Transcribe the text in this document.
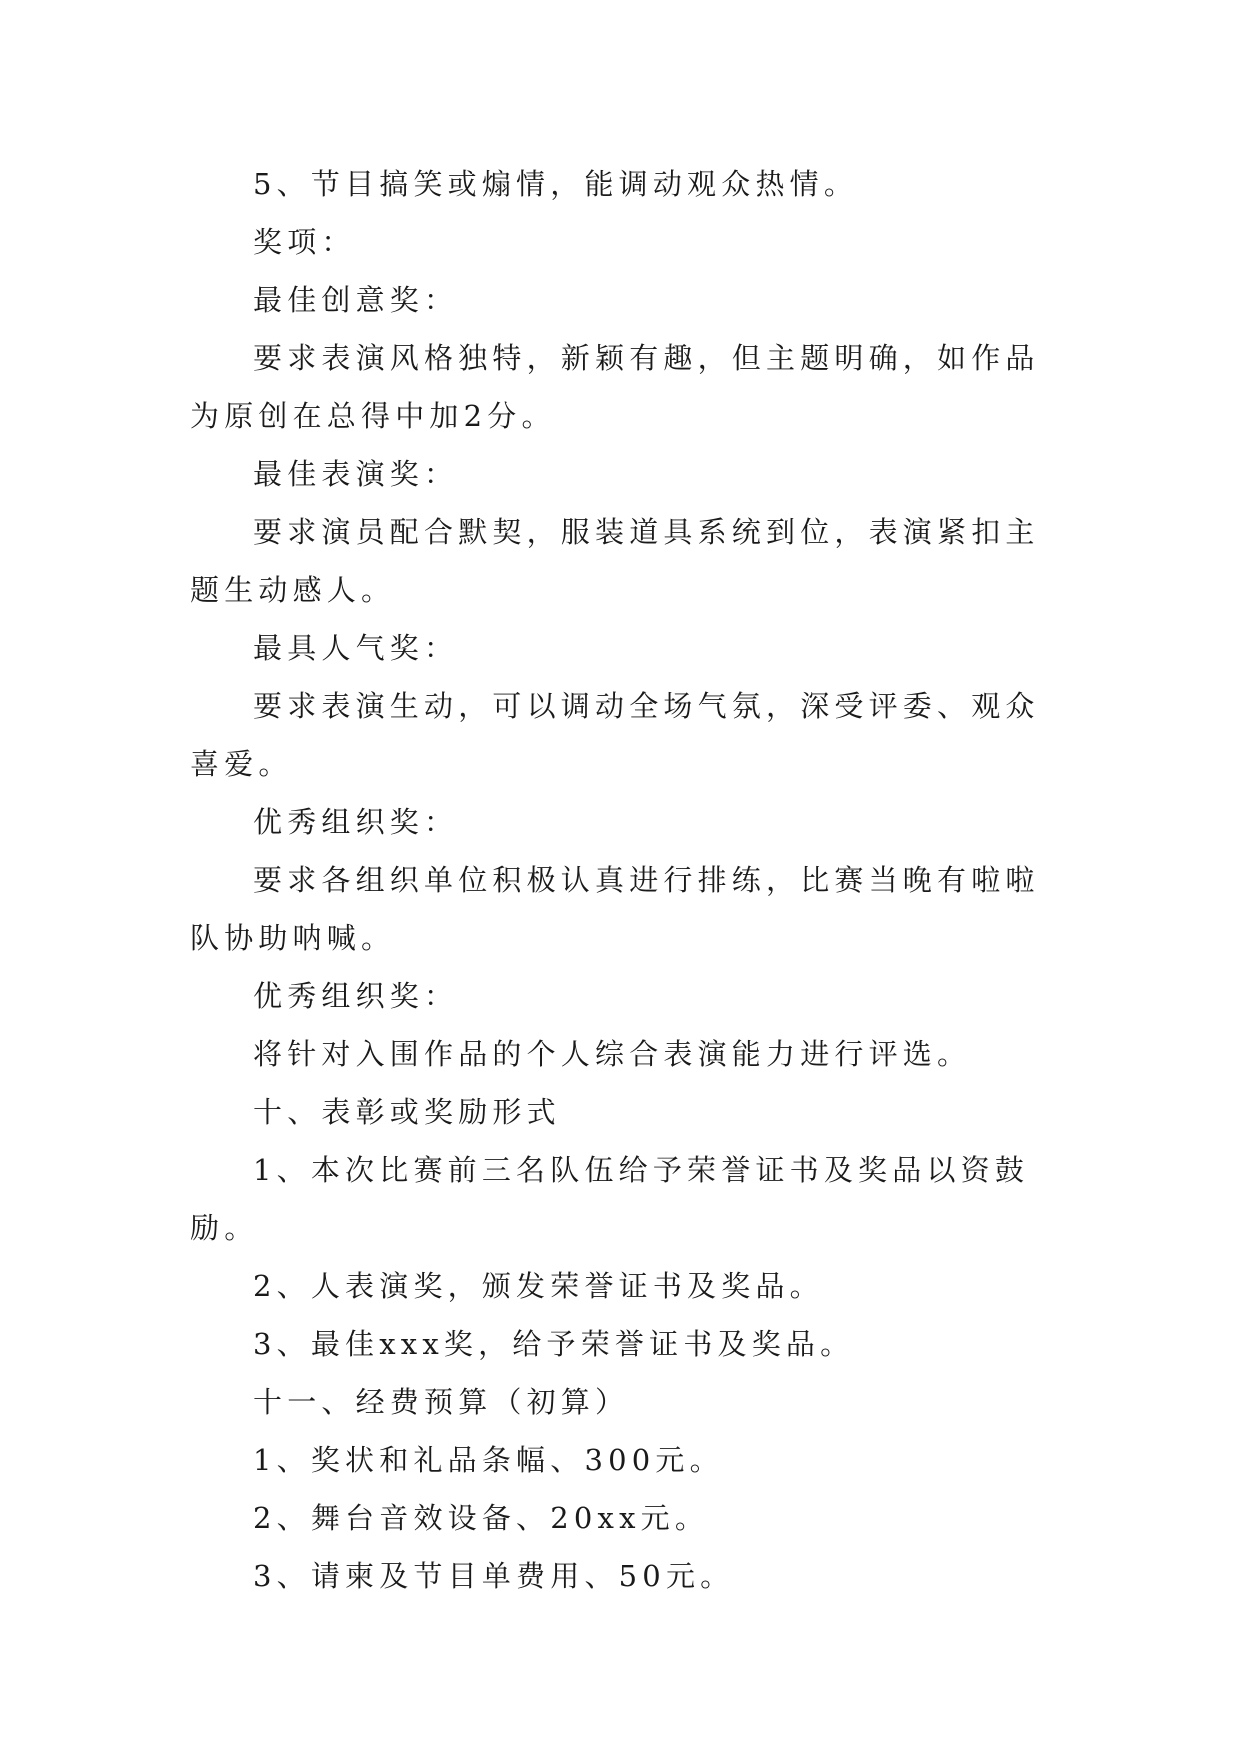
5、节目搞笑或煽情，能调动观众热情。

奖项：

最佳创意奖：

要求表演风格独特，新颖有趣，但主题明确，如作品为原创在总得中加2分。

最佳表演奖：

要求演员配合默契，服装道具系统到位，表演紧扣主题生动感人。

最具人气奖：

要求表演生动，可以调动全场气氛，深受评委、观众喜爱。

优秀组织奖：

要求各组织单位积极认真进行排练，比赛当晚有啦啦队协助呐喊。

优秀组织奖：

将针对入围作品的个人综合表演能力进行评选。

十、表彰或奖励形式

1、本次比赛前三名队伍给予荣誉证书及奖品以资鼓励。

2、人表演奖，颁发荣誉证书及奖品。

3、最佳xxx奖，给予荣誉证书及奖品。

十一、经费预算（初算）

1、奖状和礼品条幅、300元。

2、舞台音效设备、20xx元。

3、请柬及节目单费用、50元。
